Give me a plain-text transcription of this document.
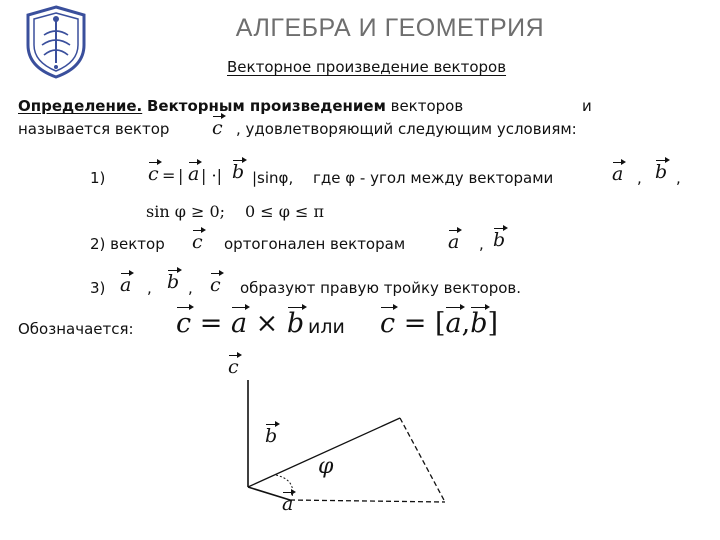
АЛГЕБРА И ГЕОМЕТРИЯ
Векторное произведение векторов
Определение. Векторным произведением векторов	и
называется вектор c , удовлетворяющий следующим условиям:
1) c = | a | ·| b |sinφ, где φ - угол между векторами	a , b ,
sin φ ≥ 0; 0 ≤ φ ≤ π
2) вектор c ортогонален векторам a , b
3) a , b , c образуют правую тройку векторов.
Обозначается: c = a × b или c = [a,b]
c
b
φ
a
